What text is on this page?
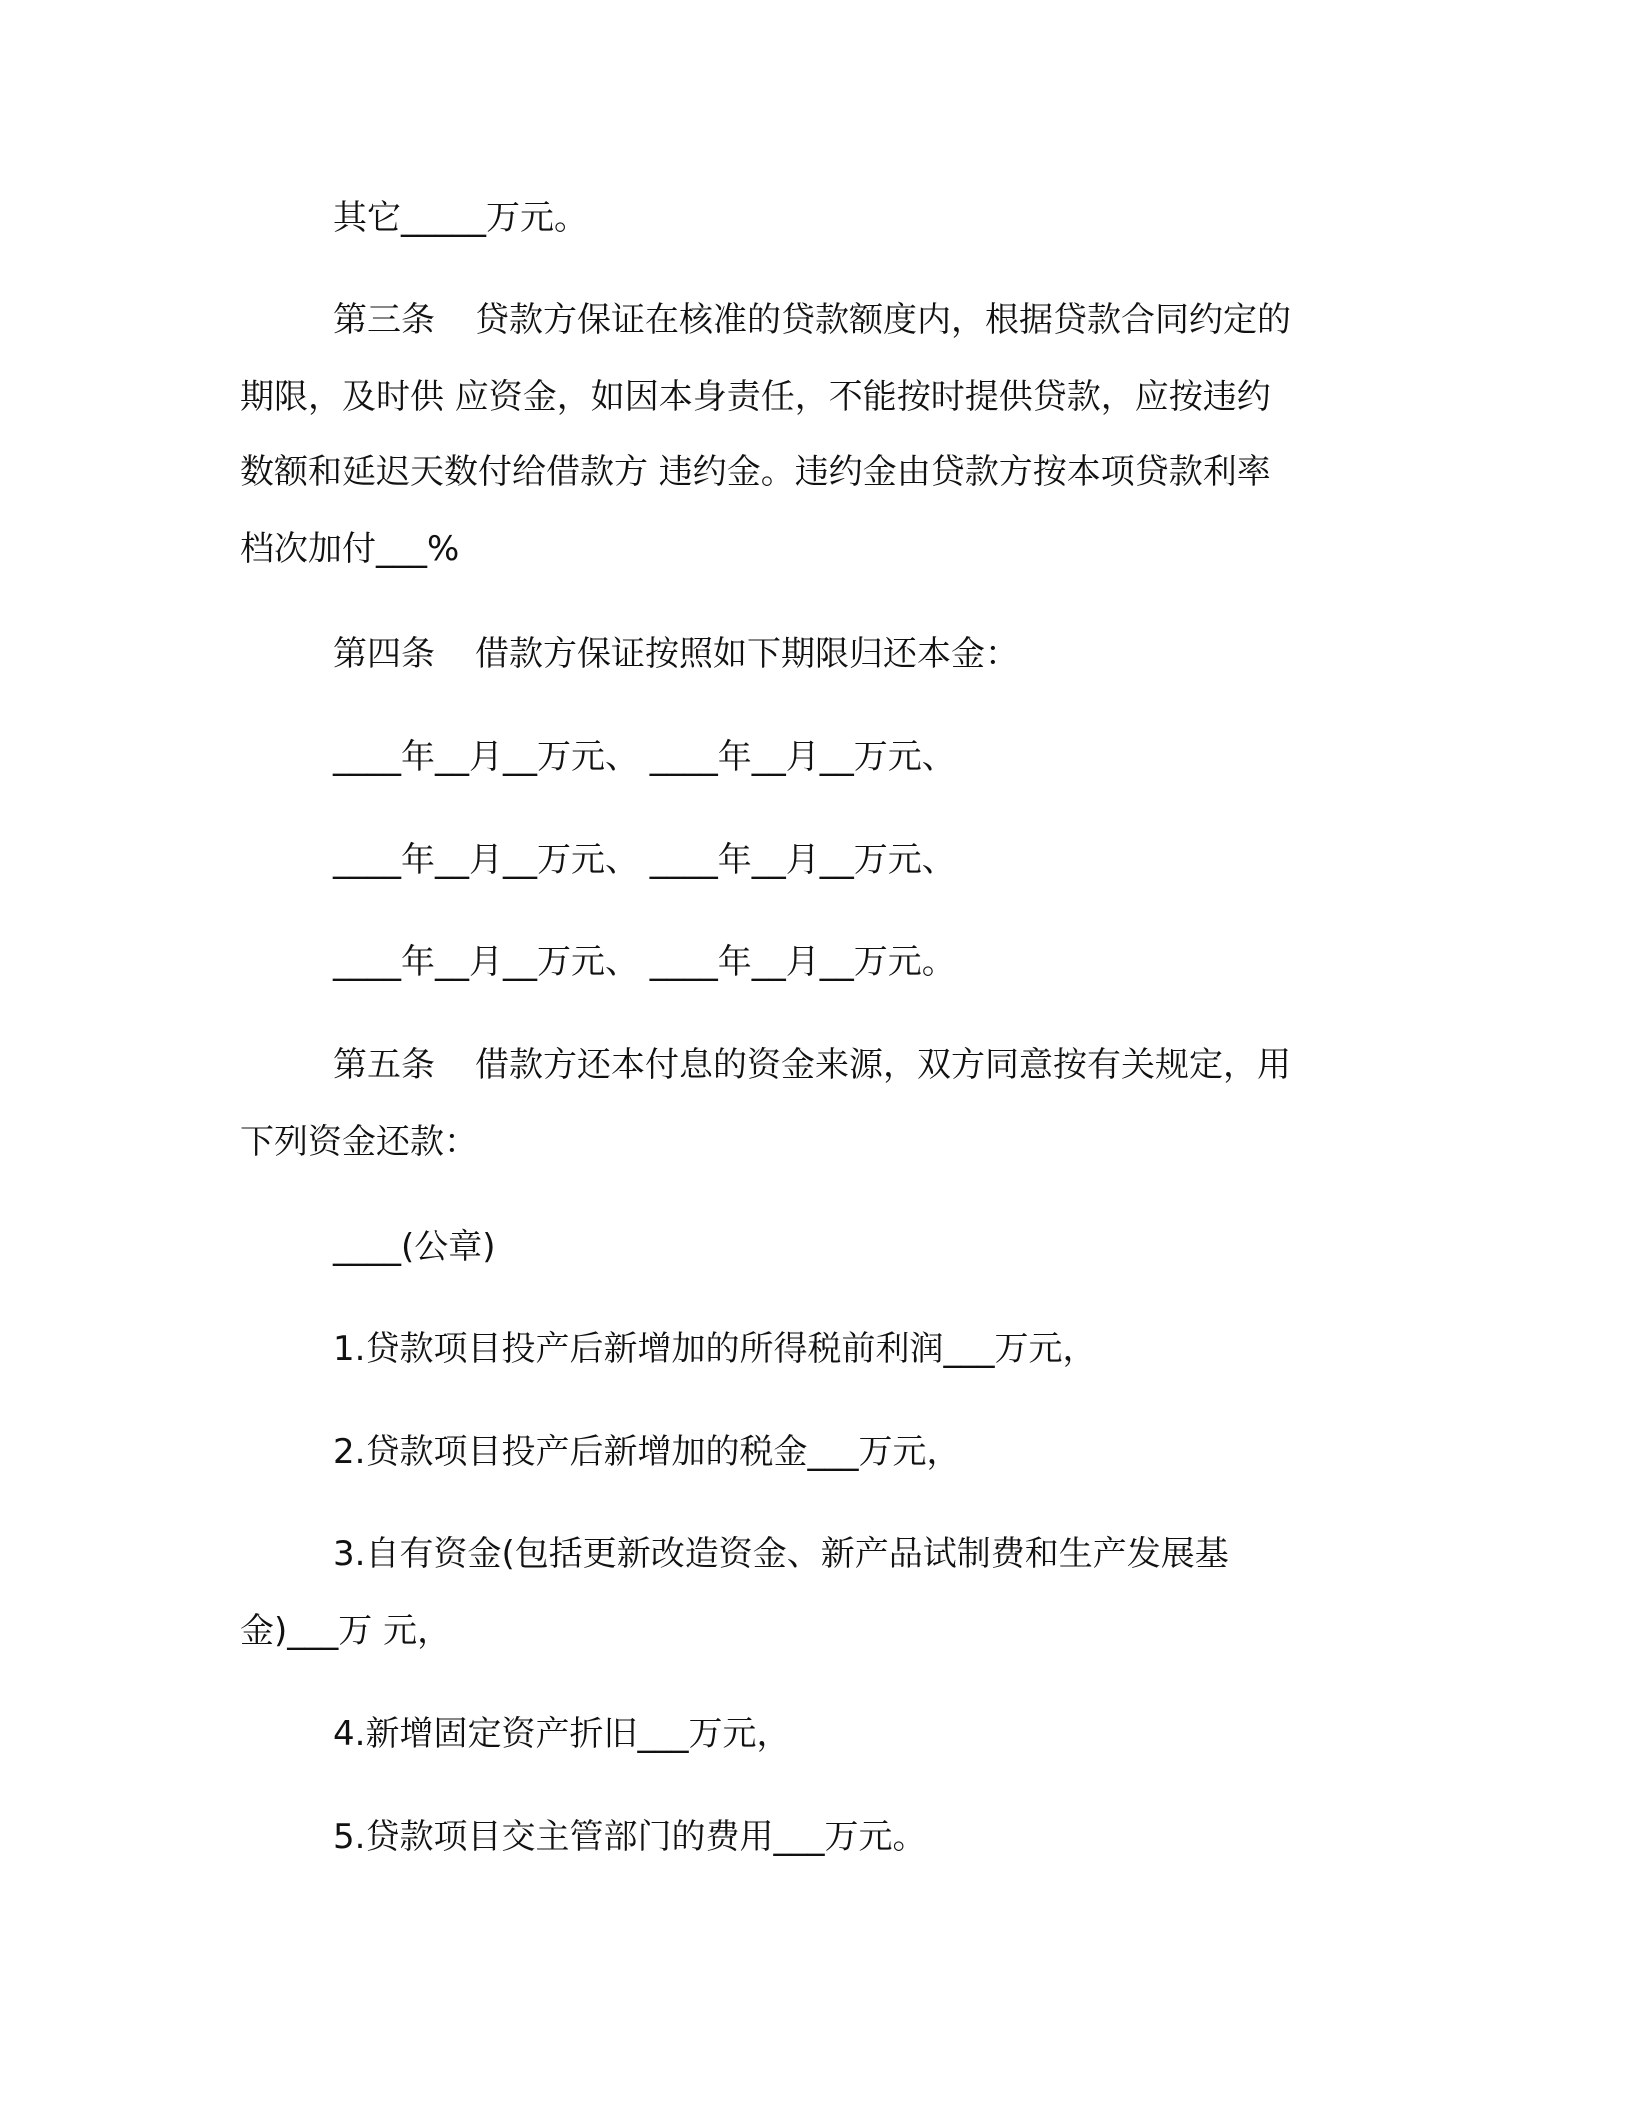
其它_____万元。
第三条 贷款方保证在核准的贷款额度内，根据贷款合同约定的
期限，及时供 应资金，如因本身责任，不能按时提供贷款，应按违约
数额和延迟天数付给借款方 违约金。违约金由贷款方按本项贷款利率
档次加付___%
第四条 借款方保证按照如下期限归还本金：
____年__月__万元、 ____年__月__万元、
____年__月__万元、 ____年__月__万元、
____年__月__万元、 ____年__月__万元。
第五条 借款方还本付息的资金来源，双方同意按有关规定，用
下列资金还款：
____(公章)
1.贷款项目投产后新增加的所得税前利润___万元，
2.贷款项目投产后新增加的税金___万元，
3.自有资金(包括更新改造资金、新产品试制费和生产发展基
金)___万 元，
4.新增固定资产折旧___万元，
5.贷款项目交主管部门的费用___万元。
